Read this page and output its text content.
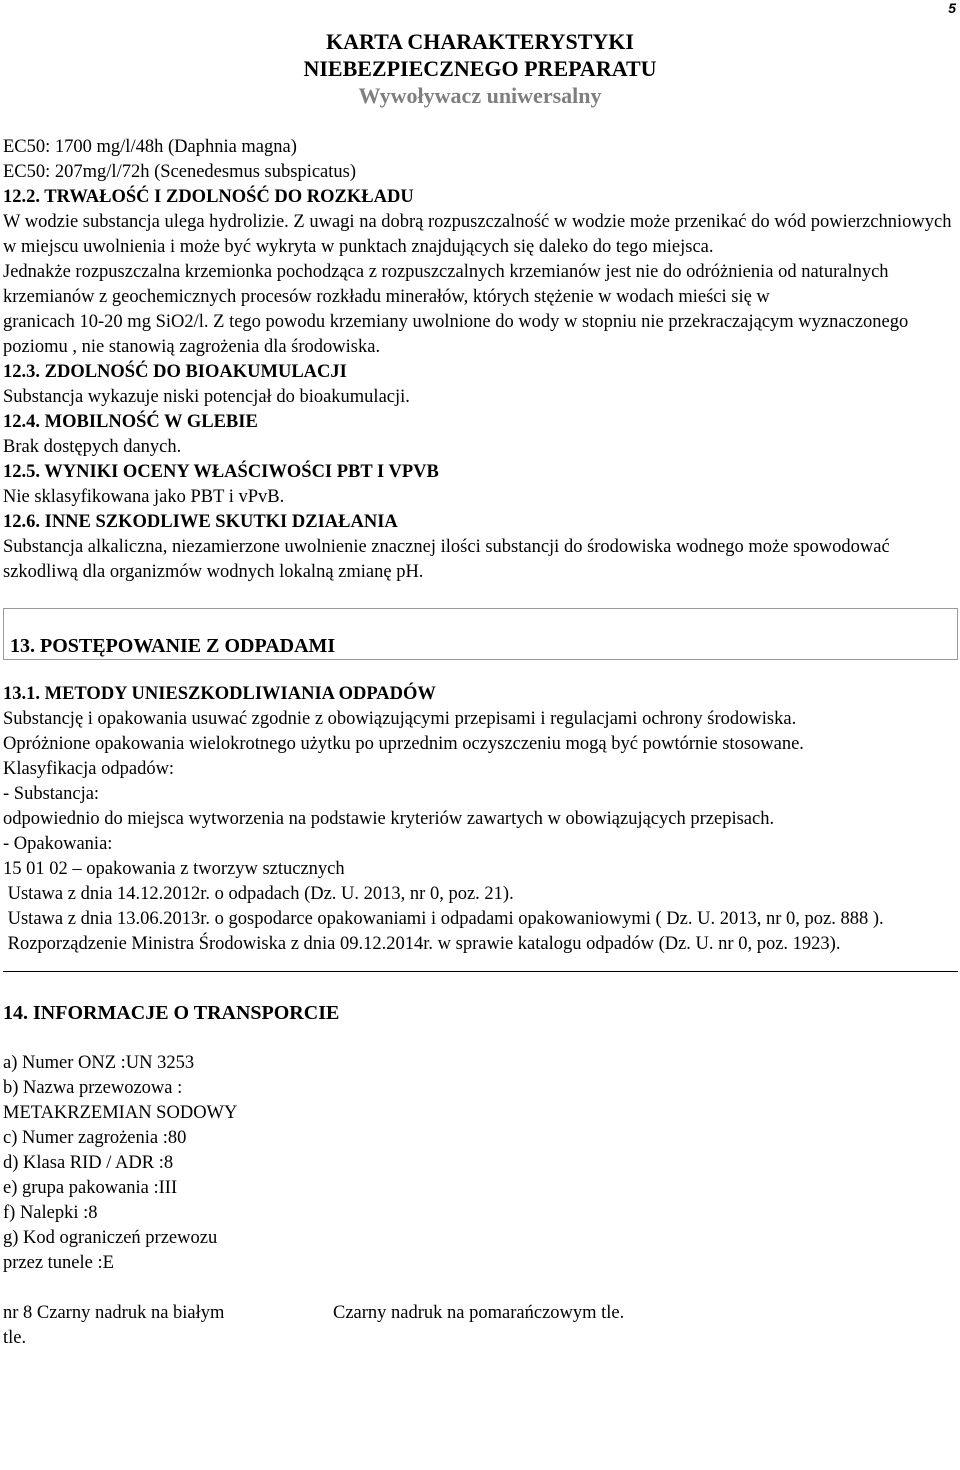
5
KARTA CHARAKTERYSTYKI
NIEBEZPIECZNEGO PREPARATU
Wywoływacz uniwersalny
EC50: 1700 mg/l/48h (Daphnia magna)
EC50: 207mg/l/72h (Scenedesmus subspicatus)
12.2. TRWAŁOŚĆ I ZDOLNOŚĆ DO ROZKŁADU
W wodzie substancja ulega hydrolizie. Z uwagi na dobrą rozpuszczalność w wodzie może przenikać do wód powierzchniowych w miejscu uwolnienia i może być wykryta w punktach znajdujących się daleko do tego miejsca.
Jednakże rozpuszczalna krzemionka pochodząca z rozpuszczalnych krzemianów jest nie do odróżnienia od naturalnych krzemianów z geochemicznych procesów rozkładu minerałów, których stężenie w wodach mieści się w
granicach 10-20 mg SiO2/l. Z tego powodu krzemiany uwolnione do wody w stopniu nie przekraczającym wyznaczonego poziomu , nie stanowią zagrożenia dla środowiska.
12.3. ZDOLNOŚĆ DO BIOAKUMULACJI
Substancja wykazuje niski potencjał do bioakumulacji.
12.4. MOBILNOŚĆ W GLEBIE
Brak dostępych danych.
12.5. WYNIKI OCENY WŁAŚCIWOŚCI PBT I VPVB
Nie sklasyfikowana jako PBT i vPvB.
12.6. INNE SZKODLIWE SKUTKI DZIAŁANIA
Substancja alkaliczna, niezamierzone uwolnienie znacznej ilości substancji do środowiska wodnego może spowodować szkodliwą dla organizmów wodnych lokalną zmianę pH.
13. POSTĘPOWANIE Z ODPADAMI
13.1. METODY UNIESZKODLIWIANIA ODPADÓW
Substancję i opakowania usuwać zgodnie z obowiązującymi przepisami i regulacjami ochrony środowiska.
Opróżnione opakowania wielokrotnego użytku po uprzednim oczyszczeniu mogą być powtórnie stosowane.
Klasyfikacja odpadów:
- Substancja:
odpowiednio do miejsca wytworzenia na podstawie kryteriów zawartych w obowiązujących przepisach.
- Opakowania:
15 01 02 – opakowania z tworzyw sztucznych
Ustawa z dnia 14.12.2012r. o odpadach (Dz. U. 2013, nr 0, poz. 21).
Ustawa z dnia 13.06.2013r. o gospodarce opakowaniami i odpadami opakowaniowymi ( Dz. U. 2013, nr 0, poz. 888 ).
Rozporządzenie Ministra Środowiska z dnia 09.12.2014r. w sprawie katalogu odpadów (Dz. U. nr 0, poz. 1923).
14. INFORMACJE O TRANSPORCIE
a) Numer ONZ :UN 3253
b) Nazwa przewozowa :
METAKRZEMIAN SODOWY
c) Numer zagrożenia :80
d) Klasa RID / ADR :8
e) grupa pakowania :III
f) Nalepki :8
g) Kod ograniczeń przewozu
przez tunele :E
nr 8 Czarny nadruk na białym tle.
Czarny nadruk na pomarańczowym tle.
